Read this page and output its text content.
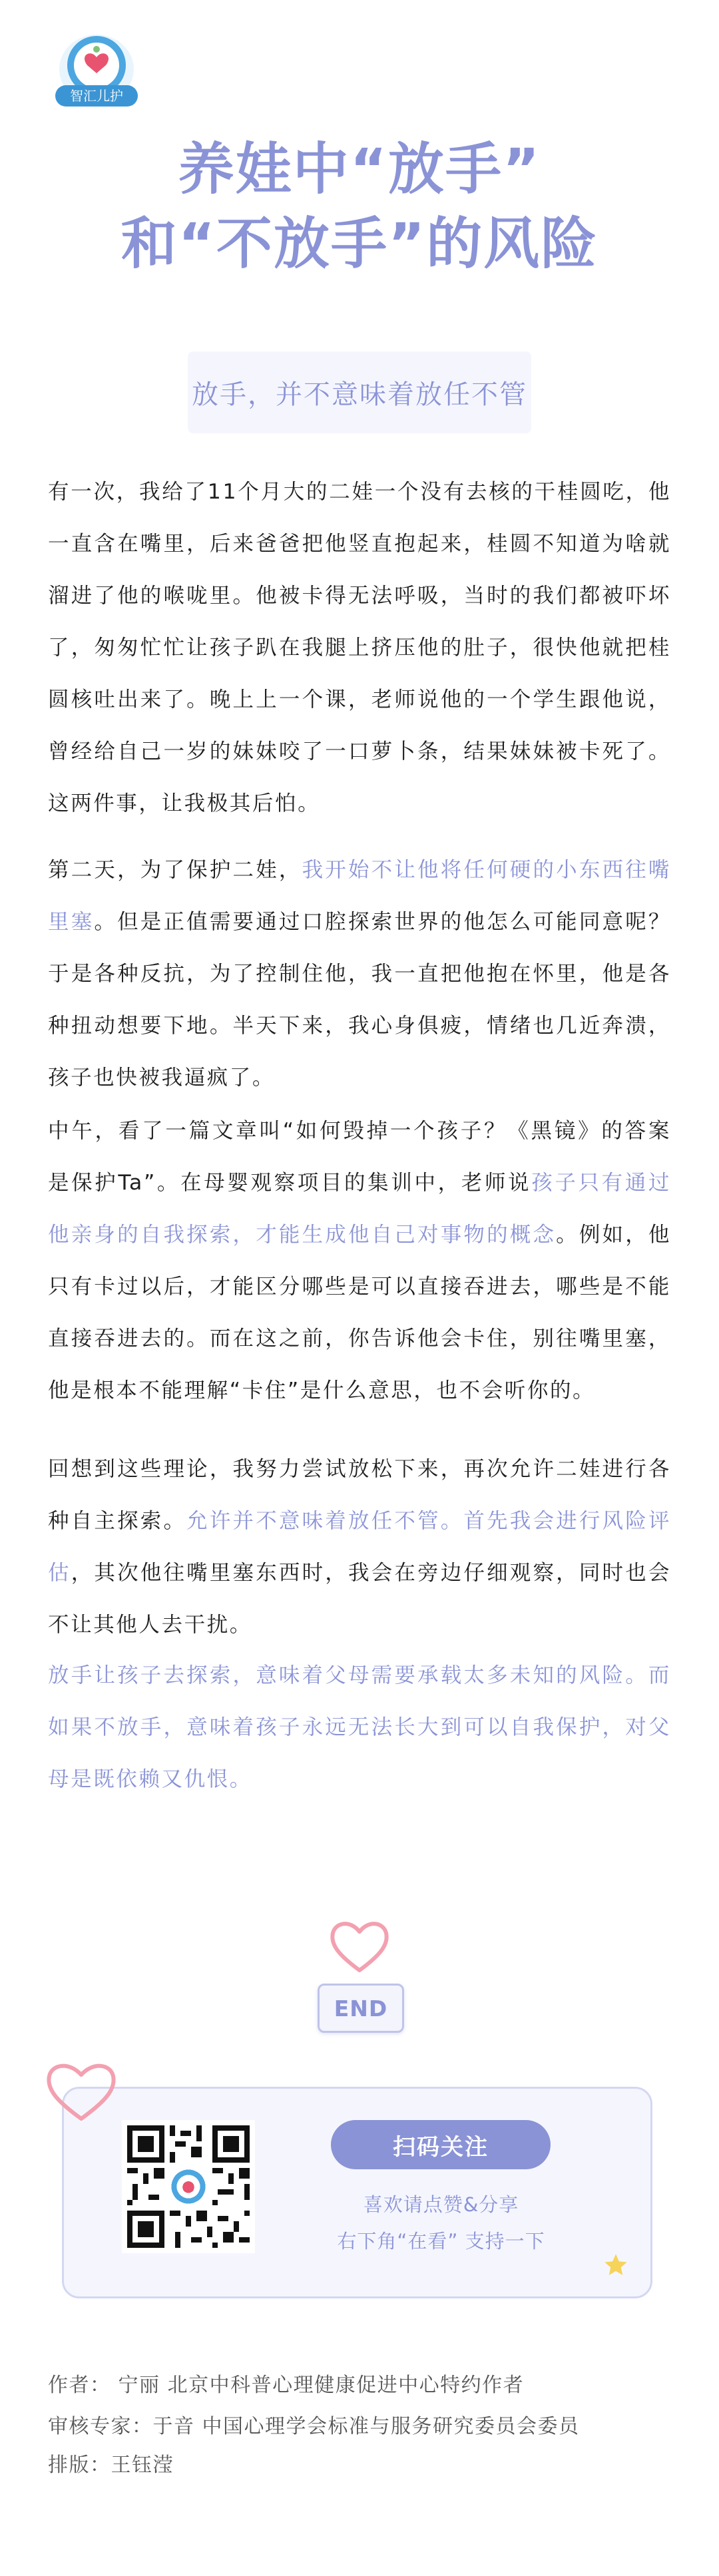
智汇儿护
养娃中“放手”
和“不放手”的风险
放手，并不意味着放任不管
有一次，我给了11个月大的二娃一个没有去核的干桂圆吃，他一直含在嘴里，后来爸爸把他竖直抱起来，桂圆不知道为啥就溜进了他的喉咙里。他被卡得无法呼吸，当时的我们都被吓坏了，匆匆忙忙让孩子趴在我腿上挤压他的肚子，很快他就把桂圆核吐出来了。晚上上一个课，老师说他的一个学生跟他说，曾经给自己一岁的妹妹咬了一口萝卜条，结果妹妹被卡死了。这两件事，让我极其后怕。
第二天，为了保护二娃，我开始不让他将任何硬的小东西往嘴里塞。但是正值需要通过口腔探索世界的他怎么可能同意呢？于是各种反抗，为了控制住他，我一直把他抱在怀里，他是各种扭动想要下地。半天下来，我心身俱疲，情绪也几近奔溃，孩子也快被我逼疯了。
中午，看了一篇文章叫“如何毁掉一个孩子？《黑镜》的答案是保护Ta”。在母婴观察项目的集训中，老师说孩子只有通过他亲身的自我探索，才能生成他自己对事物的概念。例如，他只有卡过以后，才能区分哪些是可以直接吞进去，哪些是不能直接吞进去的。而在这之前，你告诉他会卡住，别往嘴里塞，他是根本不能理解“卡住”是什么意思，也不会听你的。
回想到这些理论，我努力尝试放松下来，再次允许二娃进行各种自主探索。允许并不意味着放任不管。首先我会进行风险评估，其次他往嘴里塞东西时，我会在旁边仔细观察，同时也会不让其他人去干扰。
放手让孩子去探索，意味着父母需要承载太多未知的风险。而如果不放手，意味着孩子永远无法长大到可以自我保护，对父母是既依赖又仇恨。
END
扫码关注
喜欢请点赞&分享
右下角“在看” 支持一下
作者： 宁丽 北京中科普心理健康促进中心特约作者
审核专家：于音 中国心理学会标准与服务研究委员会委员
排版：王钰滢
